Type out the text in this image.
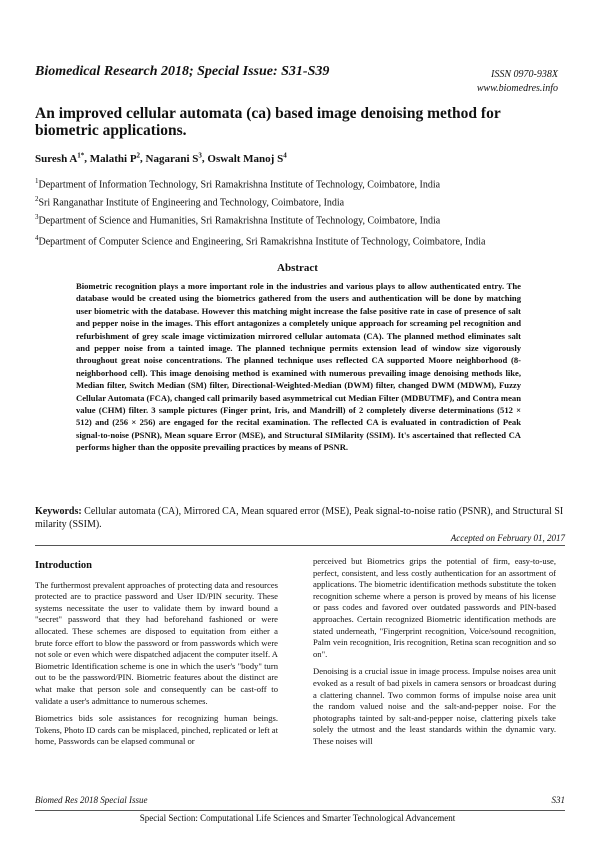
Biomedical Research 2018; Special Issue: S31-S39	ISSN 0970-938X
www.biomedres.info
An improved cellular automata (ca) based image denoising method for biometric applications.
Suresh $A^{1*}$, Malathi $P^2$, Nagarani $S^3$, Oswalt Manoj $S^4$
$^1$Department of Information Technology, Sri Ramakrishna Institute of Technology, Coimbatore, India
$^2$Sri Ranganathar Institute of Engineering and Technology, Coimbatore, India
$^3$Department of Science and Humanities, Sri Ramakrishna Institute of Technology, Coimbatore, India
$^4$Department of Computer Science and Engineering, Sri Ramakrishna Institute of Technology, Coimbatore, India
Abstract
Biometric recognition plays a more important role in the industries and various plays to allow authenticated entry. The database would be created using the biometrics gathered from the users and authentication will be done by matching user biometric with the database. However this matching might increase the false positive rate in case of presence of salt and pepper noise in the images. This effort antagonizes a completely unique approach for screaming pel recognition and refurbishment of grey scale image victimization mirrored cellular automata (CA). The planned method eliminates salt and pepper noise from a tainted image. The planned technique permits extension lead of window size vigorously throughout great noise concentrations. The planned technique uses reflected CA supported Moore neighborhood (8-neighborhood cell). This image denoising method is examined with numerous prevailing image denoising methods like, Median filter, Switch Median (SM) filter, Directional-Weighted-Median (DWM) filter, changed DWM (MDWM), Fuzzy Cellular Automata (FCA), changed call primarily based asymmetrical cut Median Filter (MDBUTMF), and Contra mean value (CHM) filter. 3 sample pictures (Finger print, Iris, and Mandrill) of 2 completely diverse determinations (512 × 512) and (256 × 256) are engaged for the recital examination. The reflected CA is evaluated in contradiction of Peak signal-to-noise (PSNR), Mean square Error (MSE), and Structural SIMilarity (SSIM). It's ascertained that reflected CA performs higher than the opposite prevailing practices by means of PSNR.
Keywords: Cellular automata (CA), Mirrored CA, Mean squared error (MSE), Peak signal-to-noise ratio (PSNR), and Structural SI milarity (SSIM).
Accepted on February 01, 2017
Introduction

The furthermost prevalent approaches of protecting data and resources protected are to practice password and User ID/PIN security. These systems necessitate the user to validate them by inward bound a "secret" password that they had beforehand fashioned or were allocated. These schemes are disposed to equitation from either a brute force effort to blow the password or from passwords which were not sole or even which were dispatched adjacent the computer itself. A Biometric Identification scheme is one in which the user's "body" turn out to be the password/PIN. Biometric features about the distinct are what make that person sole and consequently can be cast-off to validate a user's admittance to numerous schemes.

Biometrics bids sole assistances for recognizing human beings. Tokens, Photo ID cards can be misplaced, pinched, replicated or left at home, Passwords can be elapsed communal or

perceived but Biometrics grips the potential of firm, easy-to-use, perfect, consistent, and less costly authentication for an assortment of applications. The biometric identification methods substitute the token recognition scheme where a person is proved by means of his license or pass codes and favored over outdated passwords and PIN-based approaches. Certain recognized Biometric identification methods are stated underneath, "Fingerprint recognition, Voice/sound recognition, Palm vein recognition, Iris recognition, Retina scan recognition and so on".

Denoising is a crucial issue in image process. Impulse noises area unit evoked as a result of bad pixels in camera sensors or broadcast during a clattering channel. Two common forms of impulse noise area unit the random valued noise and the salt-and-pepper noise. For the photographs tainted by salt-and-pepper noise, clattering pixels take solely the utmost and the least standards within the dynamic vary. These noises will

Biomed Res 2018 Special Issue	S31
Special Section: Computational Life Sciences and Smarter Technological Advancement
